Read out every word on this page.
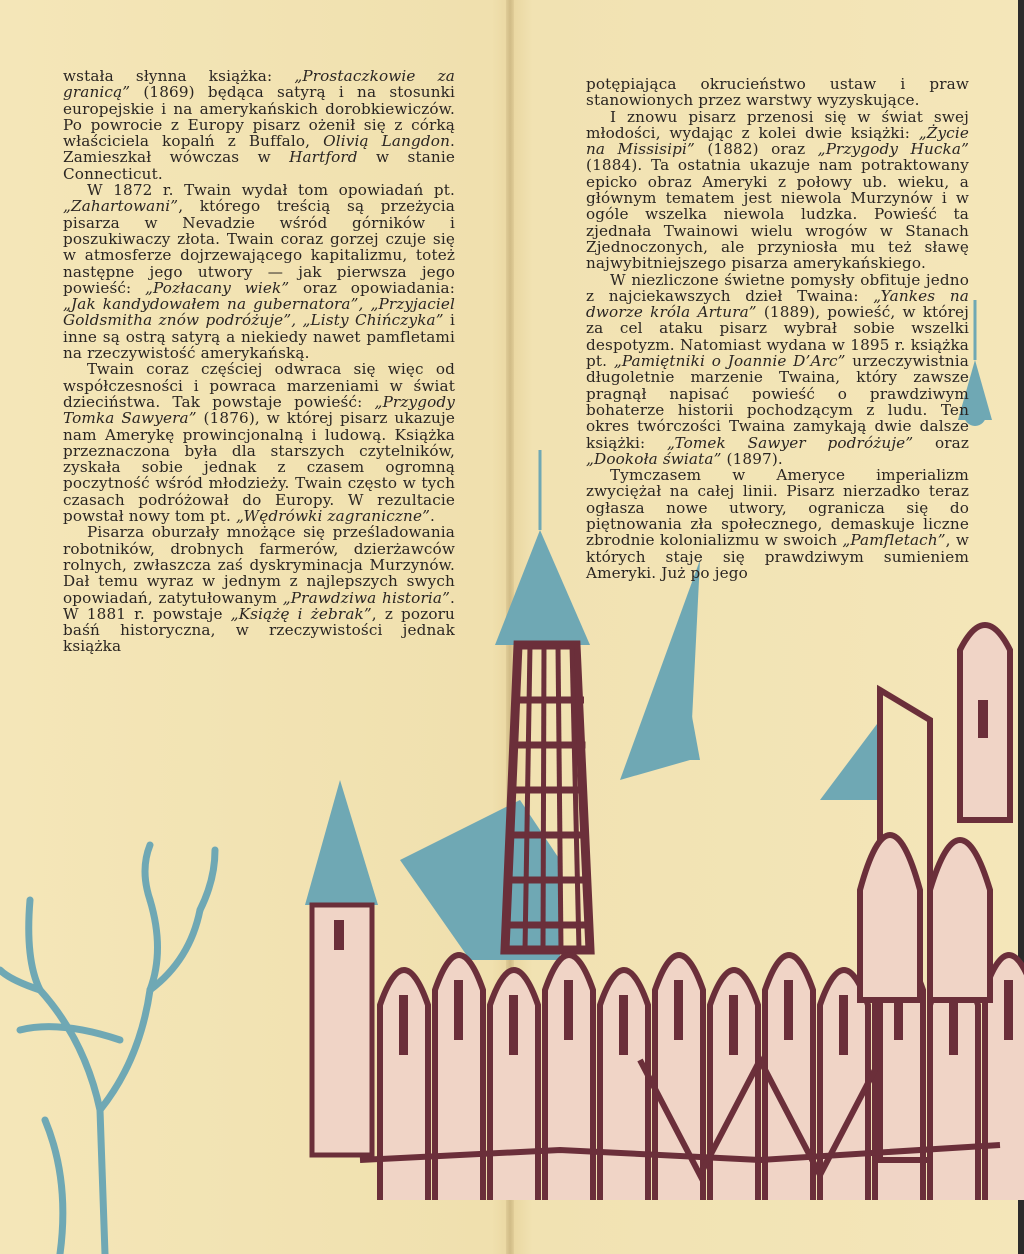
wstała słynna książka: „Prostaczkowie za granicą” (1869) będąca satyrą i na stosunki europejskie i na amerykańskich dorobkiewiczów. Po powrocie z Europy pisarz ożenił się z córką właściciela kopalń z Buffalo, Olivią Langdon. Zamieszkał wówczas w Hartford w stanie Connecticut.

W 1872 r. Twain wydał tom opowiadań pt. „Zahartowani”, którego treścią są przeżycia pisarza w Nevadzie wśród górników i poszukiwaczy złota. Twain coraz gorzej czuje się w atmosferze dojrzewającego kapitalizmu, toteż następne jego utwory — jak pierwsza jego powieść: „Pozłacany wiek” oraz opowiadania: „Jak kandydowałem na gubernatora”, „Przyjaciel Goldsmitha znów podróżuje”, „Listy Chińczyka” i inne są ostrą satyrą a niekiedy nawet pamfletami na rzeczywistość amerykańską.

Twain coraz częściej odwraca się więc od współczesności i powraca marzeniami w świat dzieciństwa. Tak powstaje powieść: „Przygody Tomka Sawyera” (1876), w której pisarz ukazuje nam Amerykę prowincjonalną i ludową. Książka przeznaczona była dla starszych czytelników, zyskała sobie jednak z czasem ogromną poczytność wśród młodzieży. Twain często w tych czasach podróżował do Europy. W rezultacie powstał nowy tom pt. „Wędrówki zagraniczne”.

Pisarza oburzały mnożące się prześladowania robotników, drobnych farmerów, dzierżawców rolnych, zwłaszcza zaś dyskryminacja Murzynów. Dał temu wyraz w jednym z najlepszych swych opowiadań, zatytułowanym „Prawdziwa historia”. W 1881 r. powstaje „Książę i żebrak”, z pozoru baśń historyczna, w rzeczywistości jednak książka

potępiająca okrucieństwo ustaw i praw stanowionych przez warstwy wyzyskujące.

I znowu pisarz przenosi się w świat swej młodości, wydając z kolei dwie książki: „Życie na Missisipi” (1882) oraz „Przygody Hucka” (1884). Ta ostatnia ukazuje nam potraktowany epicko obraz Ameryki z połowy ub. wieku, a głównym tematem jest niewola Murzynów i w ogóle wszelka niewola ludzka. Powieść ta zjednała Twainowi wielu wrogów w Stanach Zjednoczonych, ale przyniosła mu też sławę najwybitniejszego pisarza amerykańskiego.

W niezliczone świetne pomysły obfituje jedno z najciekawszych dzieł Twaina: „Yankes na dworze króla Artura” (1889), powieść, w której za cel ataku pisarz wybrał sobie wszelki despotyzm. Natomiast wydana w 1895 r. książka pt. „Pamiętniki o Joannie D’Arc” urzeczywistnia długoletnie marzenie Twaina, który zawsze pragnął napisać powieść o prawdziwym bohaterze historii pochodzącym z ludu. Ten okres twórczości Twaina zamykają dwie dalsze książki: „Tomek Sawyer podróżuje” oraz „Dookoła świata” (1897).

Tymczasem w Ameryce imperializm zwyciężał na całej linii. Pisarz nierzadko teraz ogłasza nowe utwory, ogranicza się do piętnowania zła społecznego, demaskuje liczne zbrodnie kolonializmu w swoich „Pamfletach”, w których staje się prawdziwym sumieniem Ameryki. Już po jego
